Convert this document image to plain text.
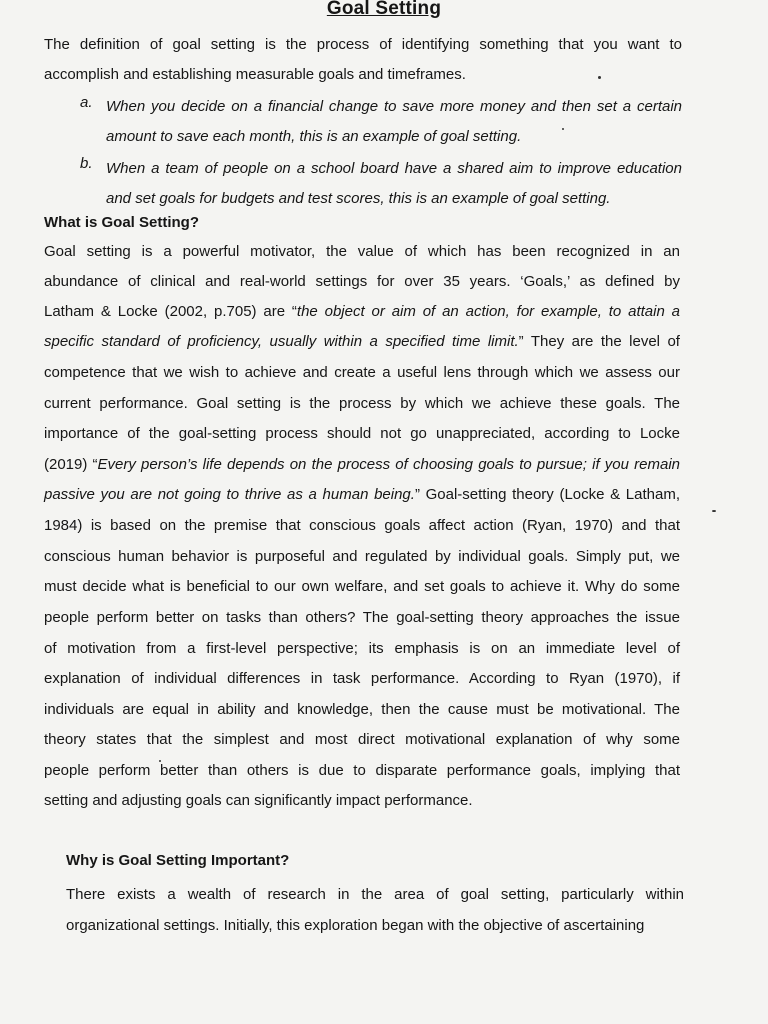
Goal Setting
The definition of goal setting is the process of identifying something that you want to
accomplish and establishing measurable goals and timeframes.
a. When you decide on a financial change to save more money and then set a certain
amount to save each month, this is an example of goal setting.
b. When a team of people on a school board have a shared aim to improve education
and set goals for budgets and test scores, this is an example of goal setting.
What is Goal Setting?
Goal setting is a powerful motivator, the value of which has been recognized in an
abundance of clinical and real-world settings for over 35 years. ‘Goals,’ as defined by
Latham & Locke (2002, p.705) are “the object or aim of an action, for example, to attain a
specific standard of proficiency, usually within a specified time limit.” They are the level of
competence that we wish to achieve and create a useful lens through which we assess our
current performance. Goal setting is the process by which we achieve these goals. The
importance of the goal-setting process should not go unappreciated, according to Locke
(2019) “Every person’s life depends on the process of choosing goals to pursue; if you remain
passive you are not going to thrive as a human being.” Goal-setting theory (Locke & Latham,
1984) is based on the premise that conscious goals affect action (Ryan, 1970) and that
conscious human behavior is purposeful and regulated by individual goals. Simply put, we
must decide what is beneficial to our own welfare, and set goals to achieve it. Why do some
people perform better on tasks than others? The goal-setting theory approaches the issue
of motivation from a first-level perspective; its emphasis is on an immediate level of
explanation of individual differences in task performance. According to Ryan (1970), if
individuals are equal in ability and knowledge, then the cause must be motivational. The
theory states that the simplest and most direct motivational explanation of why some
people perform better than others is due to disparate performance goals, implying that
setting and adjusting goals can significantly impact performance.
Why is Goal Setting Important?
There exists a wealth of research in the area of goal setting, particularly within
organizational settings. Initially, this exploration began with the objective of ascertaining
